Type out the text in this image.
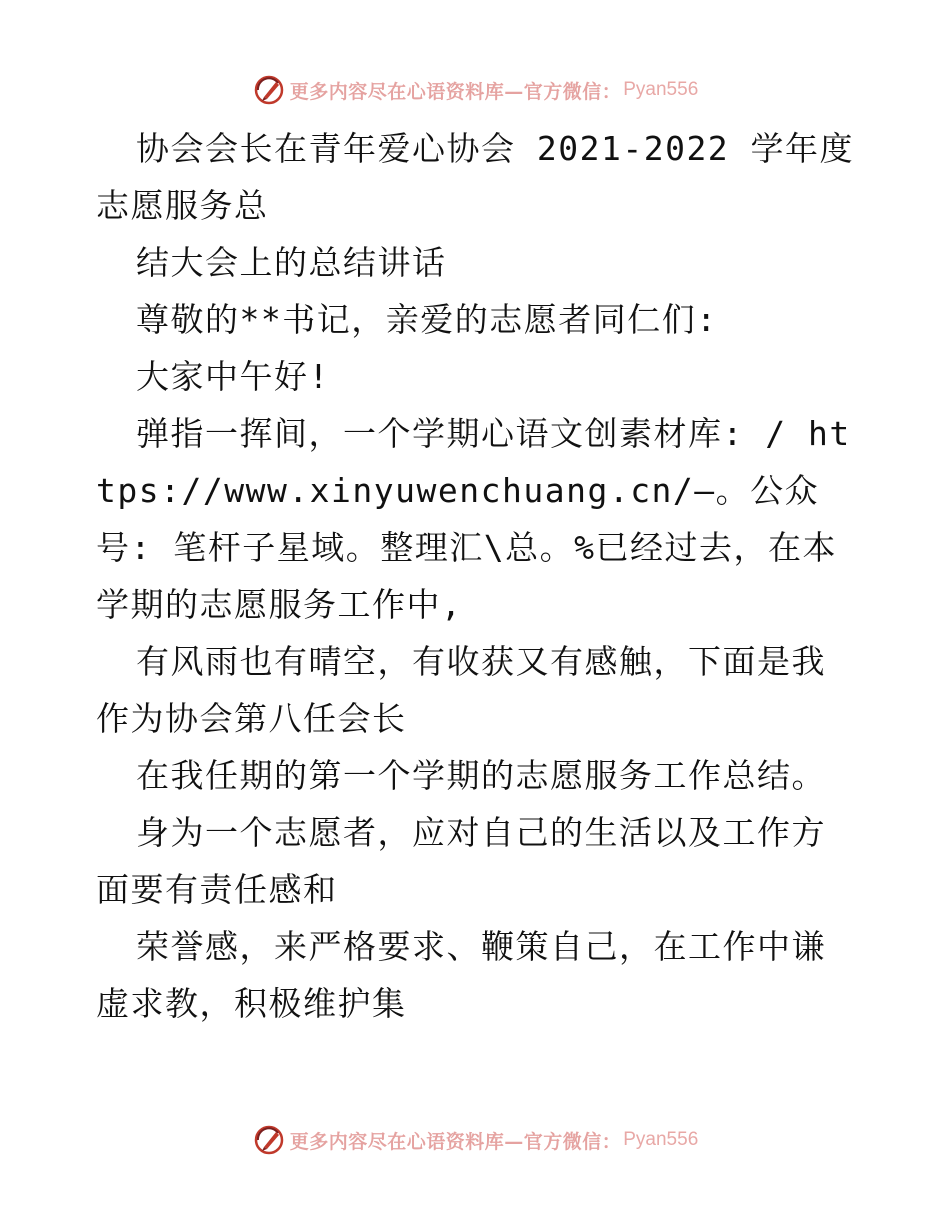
更多内容尽在心语资料库—官方微信： Pyan556

协会会长在青年爱心协会 2021-2022 学年度志愿服务总

结大会上的总结讲话

尊敬的**书记，亲爱的志愿者同仁们:

大家中午好!

弹指一挥间，一个学期心语文创素材库: / https://www.xinyuwenchuang.cn/—。公众号: 笔杆子星域。整理汇\总。%已经过去，在本学期的志愿服务工作中,

有风雨也有晴空，有收获又有感触，下面是我作为协会第八任会长

在我任期的第一个学期的志愿服务工作总结。

身为一个志愿者，应对自己的生活以及工作方面要有责任感和

荣誉感，来严格要求、鞭策自己，在工作中谦虚求教，积极维护集

更多内容尽在心语资料库—官方微信： Pyan556
